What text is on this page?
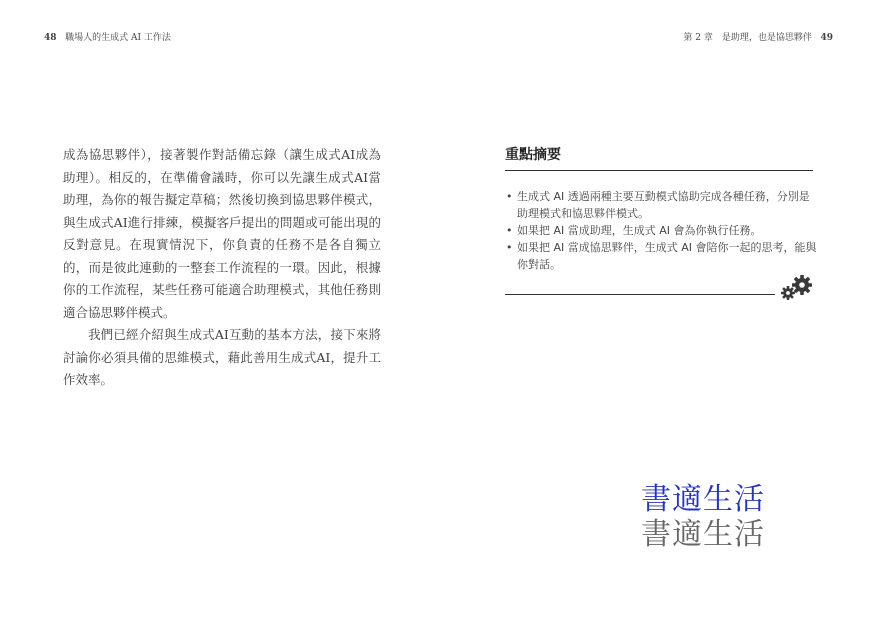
48 職場人的生成式 AI 工作法	第 2 章　是助理，也是協思夥伴 49

成為協思夥伴），接著製作對話備忘錄（讓生成式AI成為助理）。相反的，在準備會議時，你可以先讓生成式AI當助理，為你的報告擬定草稿；然後切換到協思夥伴模式，與生成式AI進行排練，模擬客戶提出的問題或可能出現的反對意見。在現實情況下，你負責的任務不是各自獨立的，而是彼此連動的一整套工作流程的一環。因此，根據你的工作流程，某些任務可能適合助理模式，其他任務則適合協思夥伴模式。

我們已經介紹與生成式AI互動的基本方法，接下來將討論你必須具備的思維模式，藉此善用生成式AI，提升工作效率。

重點摘要
• 生成式 AI 透過兩種主要互動模式協助完成各種任務，分別是助理模式和協思夥伴模式。
• 如果把 AI 當成助理，生成式 AI 會為你執行任務。
• 如果把 AI 當成協思夥伴，生成式 AI 會陪你一起的思考，能與你對話。
書適生活
書適生活
